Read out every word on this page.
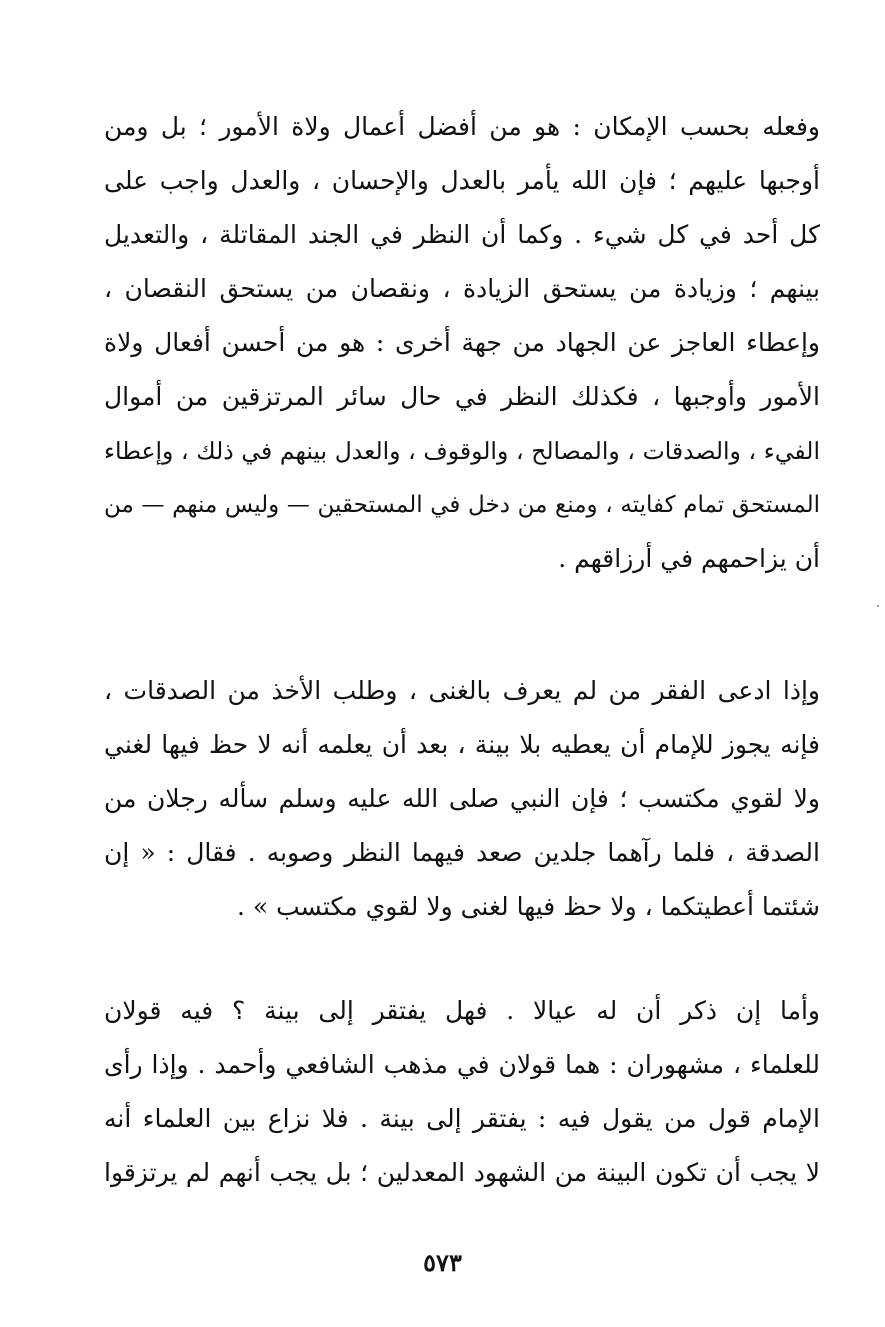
وفعله بحسب الإمكان : هو من أفضل أعمال ولاة الأمور ؛ بل ومن
أوجبها عليهم ؛ فإن الله يأمر بالعدل والإحسان ، والعدل واجب على
كل أحد في كل شيء . وكما أن النظر في الجند المقاتلة ، والتعديل
بينهم ؛ وزيادة من يستحق الزيادة ، ونقصان من يستحق النقصان ،
وإعطاء العاجز عن الجهاد من جهة أخرى : هو من أحسن أفعال ولاة
الأمور وأوجبها ، فكذلك النظر في حال سائر المرتزقين من أموال
الفيء ، والصدقات ، والمصالح ، والوقوف ، والعدل بينهم في ذلك ، وإعطاء
المستحق تمام كفايته ، ومنع من دخل في المستحقين — وليس منهم — من
أن يزاحمهم في أرزاقهم .
وإذا ادعى الفقر من لم يعرف بالغنى ، وطلب الأخذ من الصدقات ،
فإنه يجوز للإمام أن يعطيه بلا بينة ، بعد أن يعلمه أنه لا حظ فيها لغني
ولا لقوي مكتسب ؛ فإن النبي صلى الله عليه وسلم سأله رجلان من
الصدقة ، فلما رآهما جلدين صعد فيهما النظر وصوبه . فقال : « إن
شئتما أعطيتكما ، ولا حظ فيها لغنى ولا لقوي مكتسب » .
وأما إن ذكر أن له عيالا . فهل يفتقر إلى بينة ؟ فيه قولان
للعلماء ، مشهوران : هما قولان في مذهب الشافعي وأحمد . وإذا رأى
الإمام قول من يقول فيه : يفتقر إلى بينة . فلا نزاع بين العلماء أنه
لا يجب أن تكون البينة من الشهود المعدلين ؛ بل يجب أنهم لم يرتزقوا
٥٧٣
